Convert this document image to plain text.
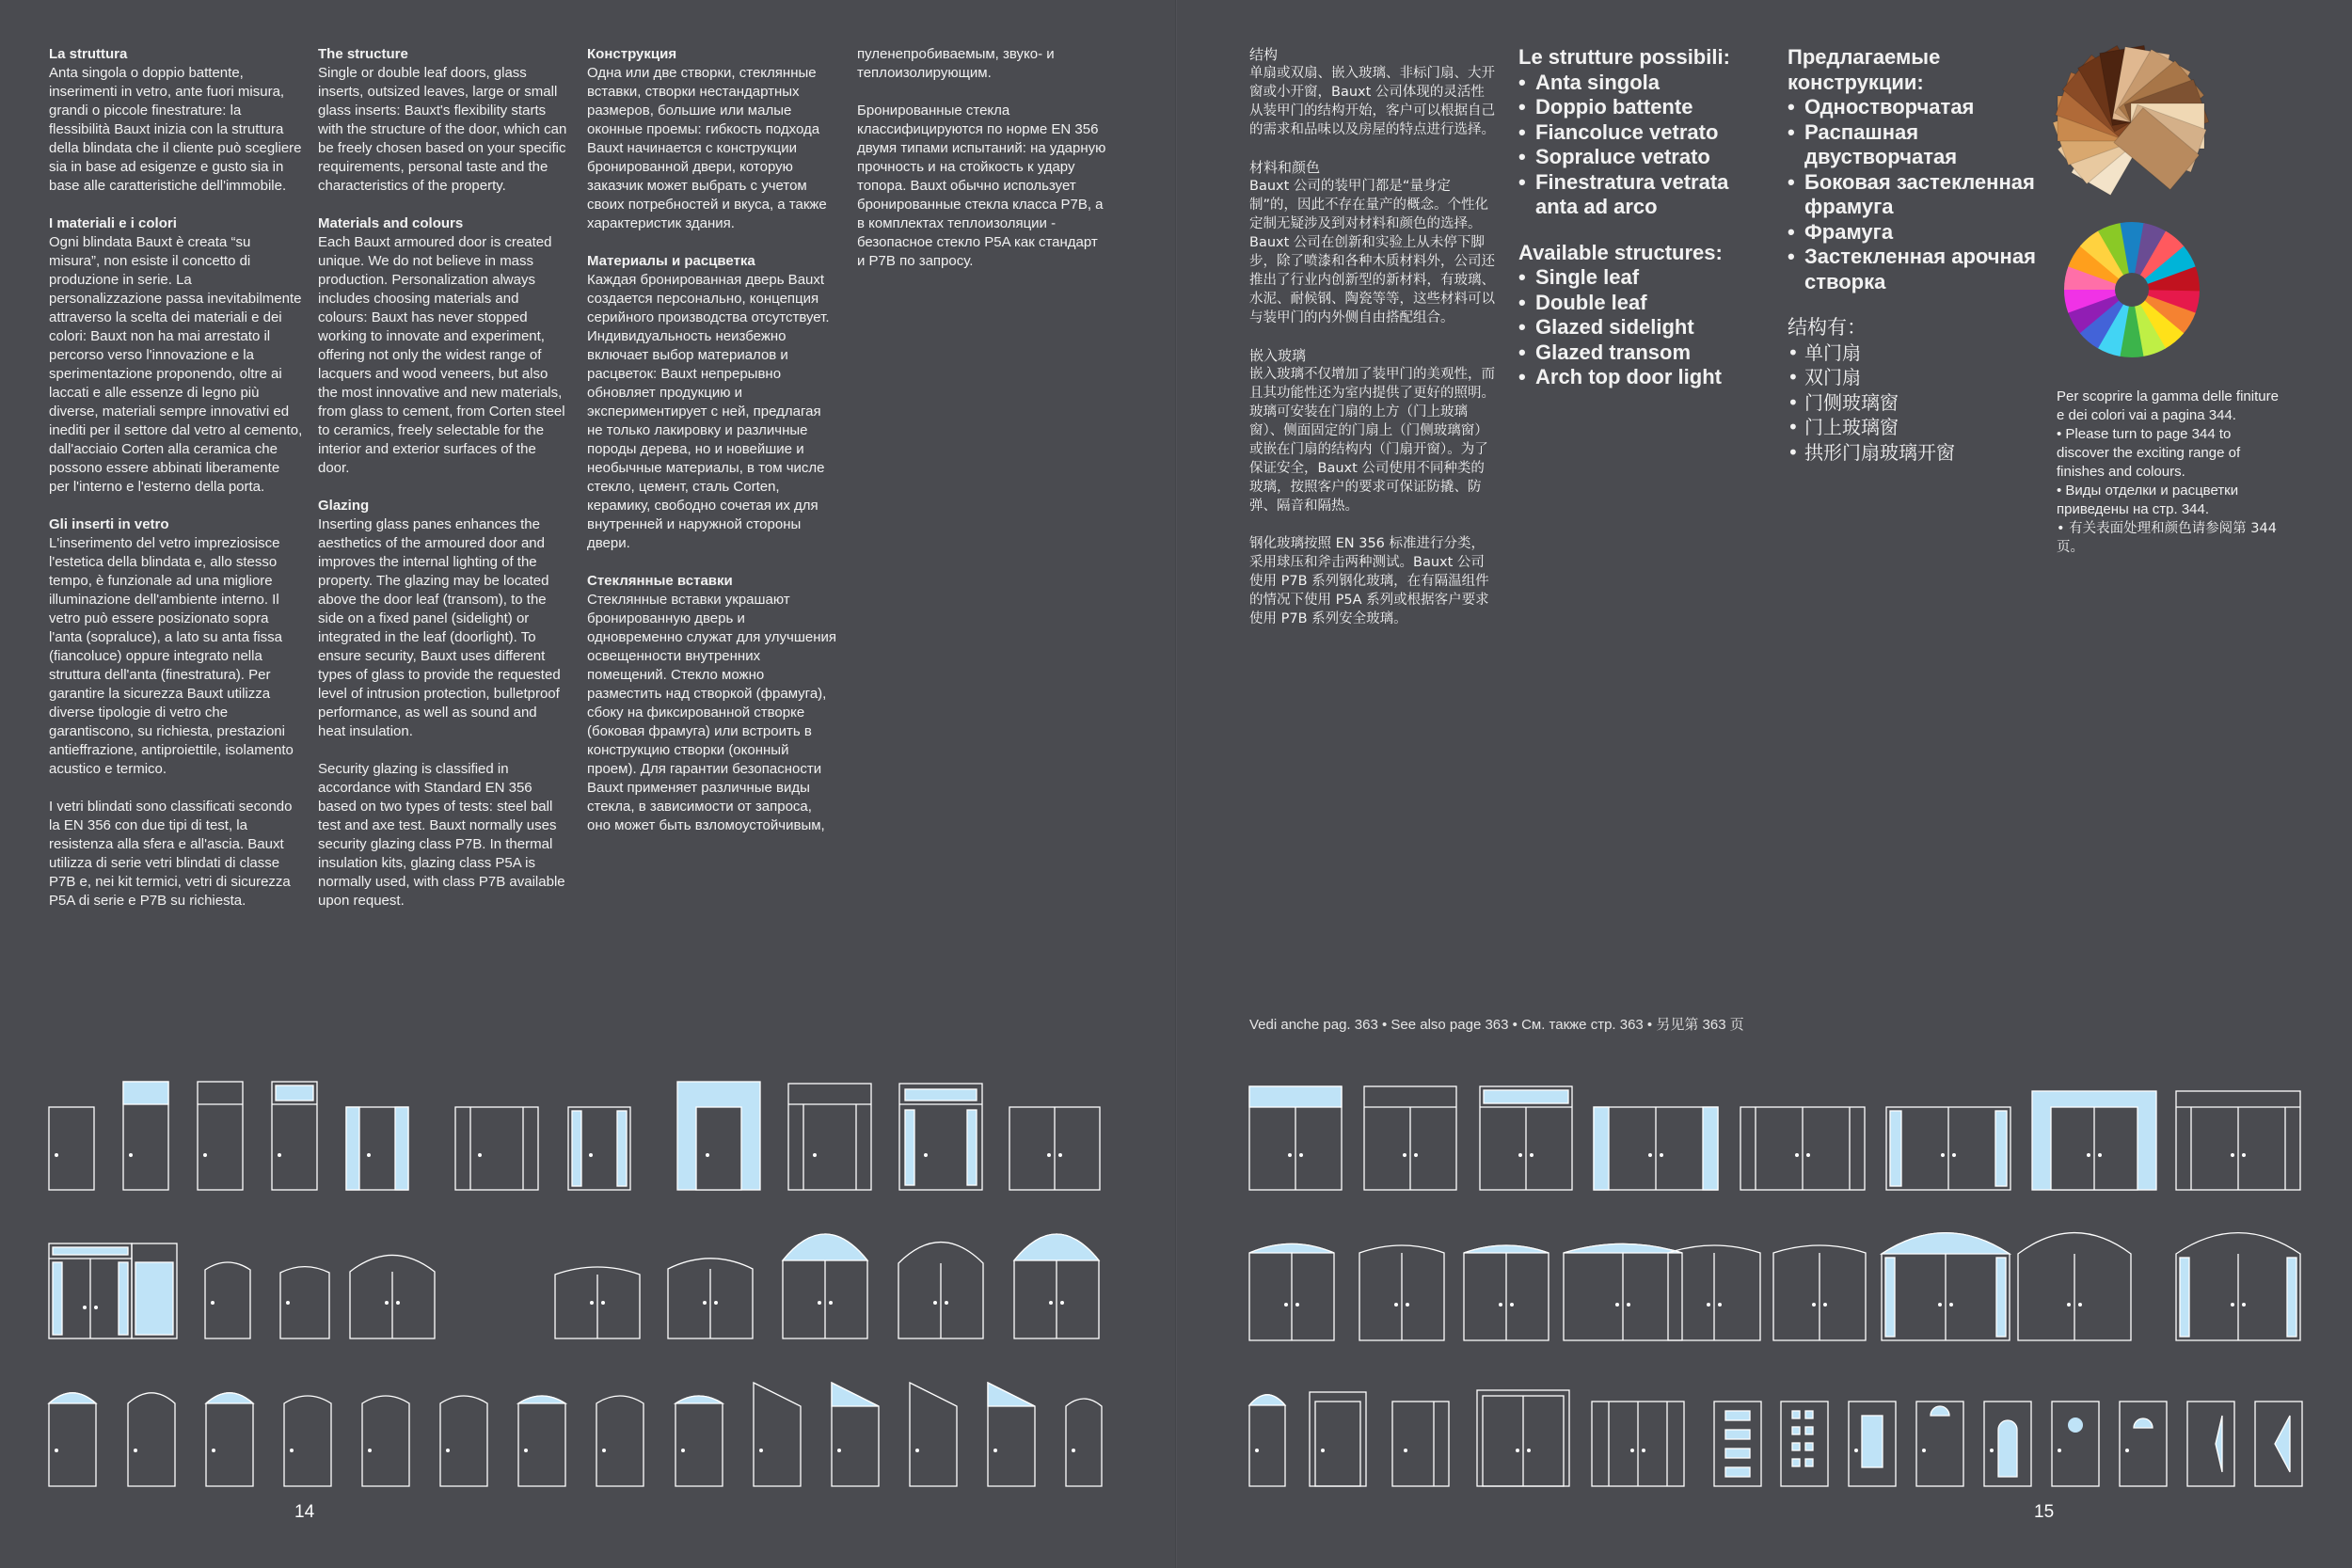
La struttura
Anta singola o doppio battente, inserimenti in vetro, ante fuori misura, grandi o piccole finestrature: la flessibilità Bauxt inizia con la struttura della blindata che il cliente può scegliere sia in base ad esigenze e gusto sia in base alle caratteristiche dell'immobile.
I materiali e i colori
Ogni blindata Bauxt è creata “su misura”, non esiste il concetto di produzione in serie. La personalizzazione passa inevitabilmente attraverso la scelta dei materiali e dei colori: Bauxt non ha mai arrestato il percorso verso l'innovazione e la sperimentazione proponendo, oltre ai laccati e alle essenze di legno più diverse, materiali sempre innovativi ed inediti per il settore dal vetro al cemento, dall'acciaio Corten alla ceramica che possono essere abbinati liberamente per l'interno e l'esterno della porta.
Gli inserti in vetro
L'inserimento del vetro impreziosisce l'estetica della blindata e, allo stesso tempo, è funzionale ad una migliore illuminazione dell'ambiente interno. Il vetro può essere posizionato sopra l'anta (sopraluce), a lato su anta fissa (fiancoluce) oppure integrato nella struttura dell'anta (finestratura). Per garantire la sicurezza Bauxt utilizza diverse tipologie di vetro che garantiscono, su richiesta, prestazioni antieffrazione, antiproiettile, isolamento acustico e termico.
I vetri blindati sono classificati secondo la EN 356 con due tipi di test, la resistenza alla sfera e all'ascia. Bauxt utilizza di serie vetri blindati di classe P7B e, nei kit termici, vetri di sicurezza P5A di serie e P7B su richiesta.
The structure
Single or double leaf doors, glass inserts, outsized leaves, large or small glass inserts: Bauxt's flexibility starts with the structure of the door, which can be freely chosen based on your specific requirements, personal taste and the characteristics of the property.
Materials and colours
Each Bauxt armoured door is created unique. We do not believe in mass production. Personalization always includes choosing materials and colours: Bauxt has never stopped working to innovate and experiment, offering not only the widest range of lacquers and wood veneers, but also the most innovative and new materials, from glass to cement, from Corten steel to ceramics, freely selectable for the interior and exterior surfaces of the door.
Glazing
Inserting glass panes enhances the aesthetics of the armoured door and improves the internal lighting of the property. The glazing may be located above the door leaf (transom), to the side on a fixed panel (sidelight) or integrated in the leaf (doorlight). To ensure security, Bauxt uses different types of glass to provide the requested level of intrusion protection, bulletproof performance, as well as sound and heat insulation.
Security glazing is classified in accordance with Standard EN 356 based on two types of tests: steel ball test and axe test. Bauxt normally uses security glazing class P7B. In thermal insulation kits, glazing class P5A is normally used, with class P7B available upon request.
Конструкция
Одна или две створки, стеклянные вставки, створки нестандартных размеров, большие или малые оконные проемы: гибкость подхода Bauxt начинается с конструкции бронированной двери, которую заказчик может выбрать с учетом своих потребностей и вкуса, а также характеристик здания.
Материалы и расцветка
Каждая бронированная дверь Bauxt создается персонально, концепция серийного производства отсутствует. Индивидуальность неизбежно включает выбор материалов и расцветок: Bauxt непрерывно обновляет продукцию и экспериментирует с ней, предлагая не только лакировку и различные породы дерева, но и новейшие и необычные материалы, в том числе стекло, цемент, сталь Corten, керамику, свободно сочетая их для внутренней и наружной стороны двери.
Стеклянные вставки
Стеклянные вставки украшают бронированную дверь и одновременно служат для улучшения освещенности внутренних помещений. Стекло можно разместить над створкой (фрамуга), сбоку на фиксированной створке (боковая фрамуга) или встроить в конструкцию створки (оконный проем). Для гарантии безопасности Bauxt применяет различные виды стекла, в зависимости от запроса, оно может быть взломоустойчивым,
пуленепробиваемым, звуко- и теплоизолирующим.
Бронированные стекла классифицируются по норме EN 356 двумя типами испытаний: на ударную прочность и на стойкость к удару топора. Bauxt обычно использует бронированные стекла класса P7B, а в комплектах теплоизоляции - безопасное стекло P5A как стандарт и P7B по запросу.
结构
单扇或双扇、嵌入玻璃、非标门扇、大开窗或小开窗，Bauxt 公司体现的灵活性从装甲门的结构开始，客户可以根据自己的需求和品味以及房屋的特点进行选择。
材料和颜色
Bauxt 公司的装甲门都是“量身定制”的，因此不存在量产的概念。个性化定制无疑涉及到对材料和颜色的选择。Bauxt 公司在创新和实验上从未停下脚步，除了喷漆和各种木质材料外，公司还推出了行业内创新型的新材料，有玻璃、水泥、耐候钢、陶瓷等等，这些材料可以与装甲门的内外侧自由搭配组合。
嵌入玻璃
嵌入玻璃不仅增加了装甲门的美观性，而且其功能性还为室内提供了更好的照明。玻璃可安装在门扇的上方（门上玻璃窗）、侧面固定的门扇上（门侧玻璃窗）或嵌在门扇的结构内（门扇开窗）。为了保证安全，Bauxt 公司使用不同种类的玻璃，按照客户的要求可保证防撬、防弹、隔音和隔热。
钢化玻璃按照 EN 356 标准进行分类，采用球压和斧击两种测试。Bauxt 公司使用 P7B 系列钢化玻璃，在有隔温组件的情况下使用 P5A 系列或根据客户要求使用 P7B 系列安全玻璃。
Le strutture possibili:
• Anta singola
• Doppio battente
• Fiancoluce vetrato
• Sopraluce vetrato
• Finestratura vetrata anta ad arco
Available structures:
• Single leaf
• Double leaf
• Glazed sidelight
• Glazed transom
• Arch top door light
Предлагаемые конструкции:
• Одностворчатая
• Распашная двустворчатая
• Боковая застекленная фрамуга
• Фрамуга
• Застекленная арочная створка
结构有：
• 单门扇
• 双门扇
• 门侧玻璃窗
• 门上玻璃窗
• 拱形门扇玻璃开窗
Per scoprire la gamma delle finiture e dei colori vai a pagina 344.
• Please turn to page 344 to discover the exciting range of finishes and colours.
• Виды отделки и расцветки приведены на стр. 344.
• 有关表面处理和颜色请参阅第 344 页。
Vedi anche pag. 363 • See also page 363 • См. также стр. 363 • 另见第 363 页
14	15
